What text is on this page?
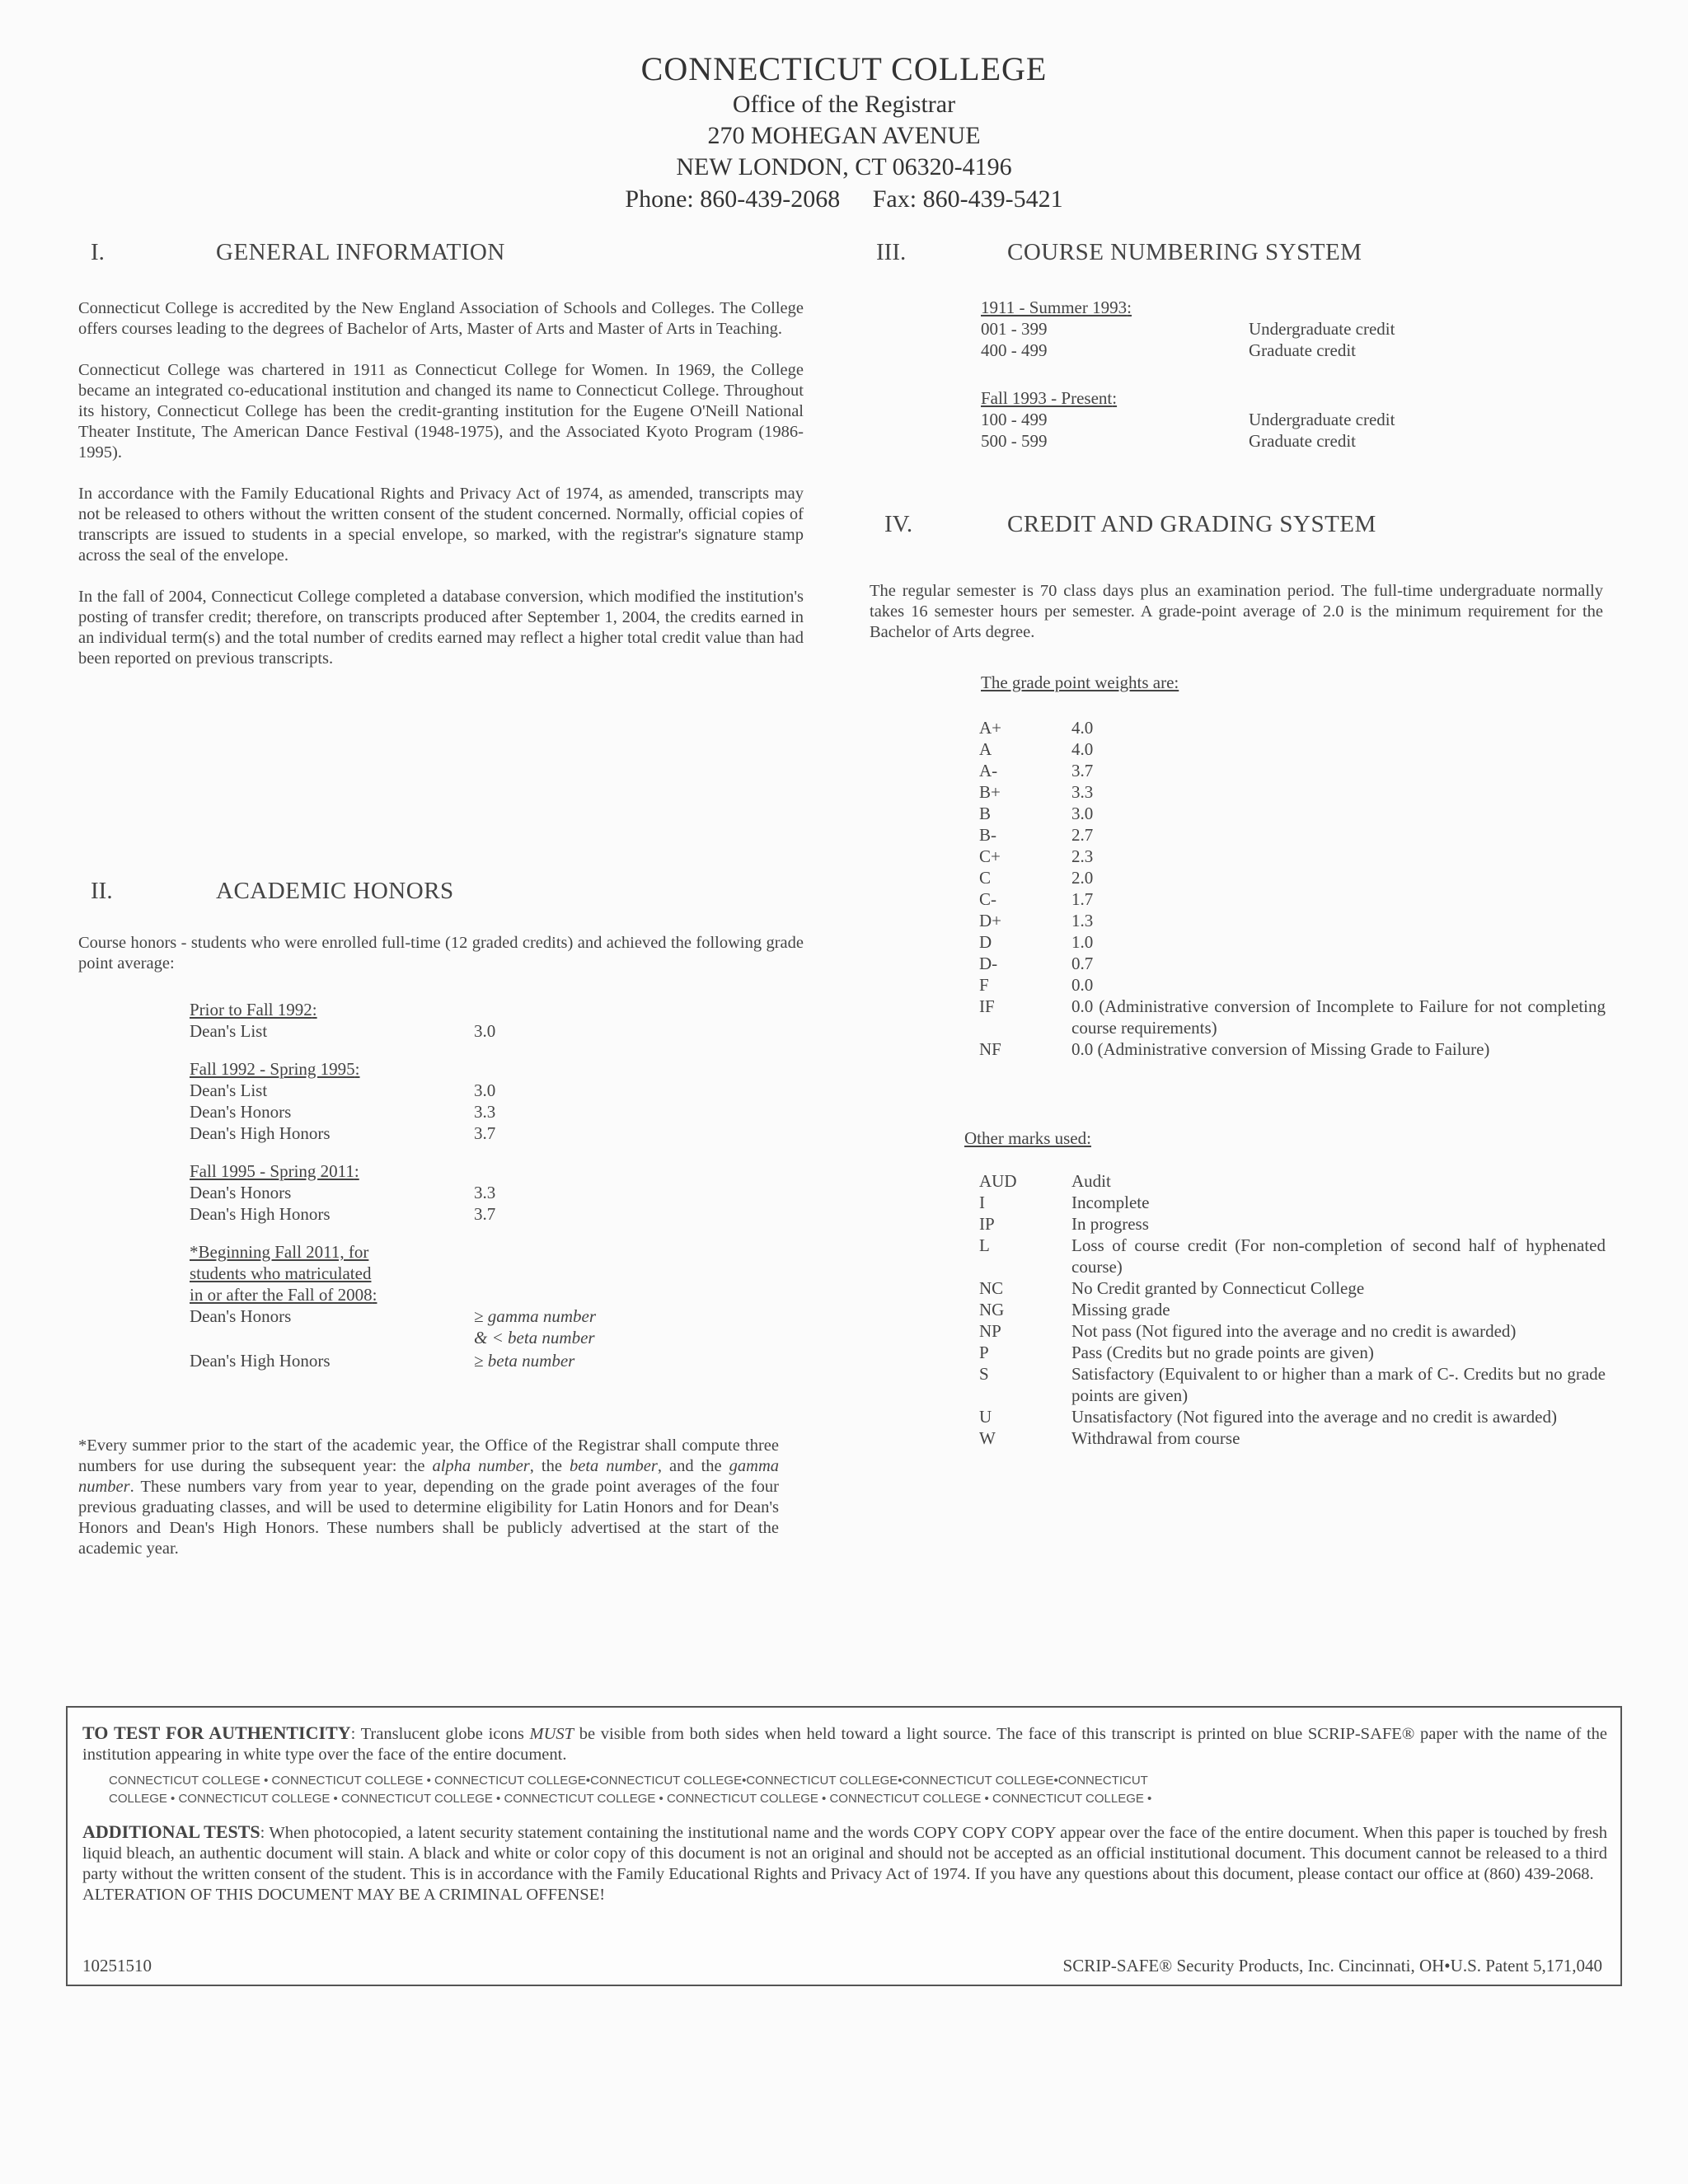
CONNECTICUT COLLEGE
Office of the Registrar
270 MOHEGAN AVENUE
NEW LONDON, CT 06320-4196
Phone: 860-439-2068 Fax: 860-439-5421
I.	GENERAL INFORMATION

Connecticut College is accredited by the New England Association of Schools and Colleges. The College offers courses leading to the degrees of Bachelor of Arts, Master of Arts and Master of Arts in Teaching.

Connecticut College was chartered in 1911 as Connecticut College for Women. In 1969, the College became an integrated co-educational institution and changed its name to Connecticut College. Throughout its history, Connecticut College has been the credit-granting institution for the Eugene O'Neill National Theater Institute, The American Dance Festival (1948-1975), and the Associated Kyoto Program (1986-1995).

In accordance with the Family Educational Rights and Privacy Act of 1974, as amended, transcripts may not be released to others without the written consent of the student concerned. Normally, official copies of transcripts are issued to students in a special envelope, so marked, with the registrar's signature stamp across the seal of the envelope.

In the fall of 2004, Connecticut College completed a database conversion, which modified the institution's posting of transfer credit; therefore, on transcripts produced after September 1, 2004, the credits earned in an individual term(s) and the total number of credits earned may reflect a higher total credit value than had been reported on previous transcripts.

II.	ACADEMIC HONORS
Course honors - students who were enrolled full-time (12 graded credits) and achieved the following grade point average:
Prior to Fall 1992:
Dean's List	3.0
Fall 1992 - Spring 1995:
Dean's List	3.0
Dean's Honors	3.3
Dean's High Honors	3.7
Fall 1995 - Spring 2011:
Dean's Honors	3.3
Dean's High Honors	3.7
*Beginning Fall 2011, for
students who matriculated
in or after the Fall of 2008:
Dean's Honors	≥ gamma number
& < beta number
Dean's High Honors	≥ beta number
*Every summer prior to the start of the academic year, the Office of the Registrar shall compute three numbers for use during the subsequent year: the alpha number, the beta number, and the gamma number. These numbers vary from year to year, depending on the grade point averages of the four previous graduating classes, and will be used to determine eligibility for Latin Honors and for Dean's Honors and Dean's High Honors. These numbers shall be publicly advertised at the start of the academic year.
III.	COURSE NUMBERING SYSTEM
1911 - Summer 1993:
001 - 399	Undergraduate credit
400 - 499	Graduate credit
Fall 1993 - Present:
100 - 499	Undergraduate credit
500 - 599	Graduate credit
IV.	CREDIT AND GRADING SYSTEM
The regular semester is 70 class days plus an examination period. The full-time undergraduate normally takes 16 semester hours per semester. A grade-point average of 2.0 is the minimum requirement for the Bachelor of Arts degree.
The grade point weights are:
A+	4.0
A	4.0
A-	3.7
B+	3.3
B	3.0
B-	2.7
C+	2.3
C	2.0
C-	1.7
D+	1.3
D	1.0
D-	0.7
F	0.0
IF	0.0 (Administrative conversion of Incomplete to Failure for not completing course requirements)
NF	0.0 (Administrative conversion of Missing Grade to Failure)
Other marks used:
AUD	Audit
I	Incomplete
IP	In progress
L	Loss of course credit (For non-completion of second half of hyphenated course)
NC	No Credit granted by Connecticut College
NG	Missing grade
NP	Not pass (Not figured into the average and no credit is awarded)
P	Pass (Credits but no grade points are given)
S	Satisfactory (Equivalent to or higher than a mark of C-. Credits but no grade points are given)
U	Unsatisfactory (Not figured into the average and no credit is awarded)
W	Withdrawal from course
TO TEST FOR AUTHENTICITY: Translucent globe icons MUST be visible from both sides when held toward a light source. The face of this transcript is printed on blue SCRIP-SAFE® paper with the name of the institution appearing in white type over the face of the entire document.
CONNECTICUT COLLEGE • CONNECTICUT COLLEGE • CONNECTICUT COLLEGE•CONNECTICUT COLLEGE•CONNECTICUT COLLEGE•CONNECTICUT COLLEGE•CONNECTICUT
COLLEGE • CONNECTICUT COLLEGE • CONNECTICUT COLLEGE • CONNECTICUT COLLEGE • CONNECTICUT COLLEGE • CONNECTICUT COLLEGE • CONNECTICUT COLLEGE •
ADDITIONAL TESTS: When photocopied, a latent security statement containing the institutional name and the words COPY COPY COPY appear over the face of the entire document. When this paper is touched by fresh liquid bleach, an authentic document will stain. A black and white or color copy of this document is not an original and should not be accepted as an official institutional document. This document cannot be released to a third party without the written consent of the student. This is in accordance with the Family Educational Rights and Privacy Act of 1974. If you have any questions about this document, please contact our office at (860) 439-2068.
ALTERATION OF THIS DOCUMENT MAY BE A CRIMINAL OFFENSE!
10251510	SCRIP-SAFE® Security Products, Inc. Cincinnati, OH•U.S. Patent 5,171,040
